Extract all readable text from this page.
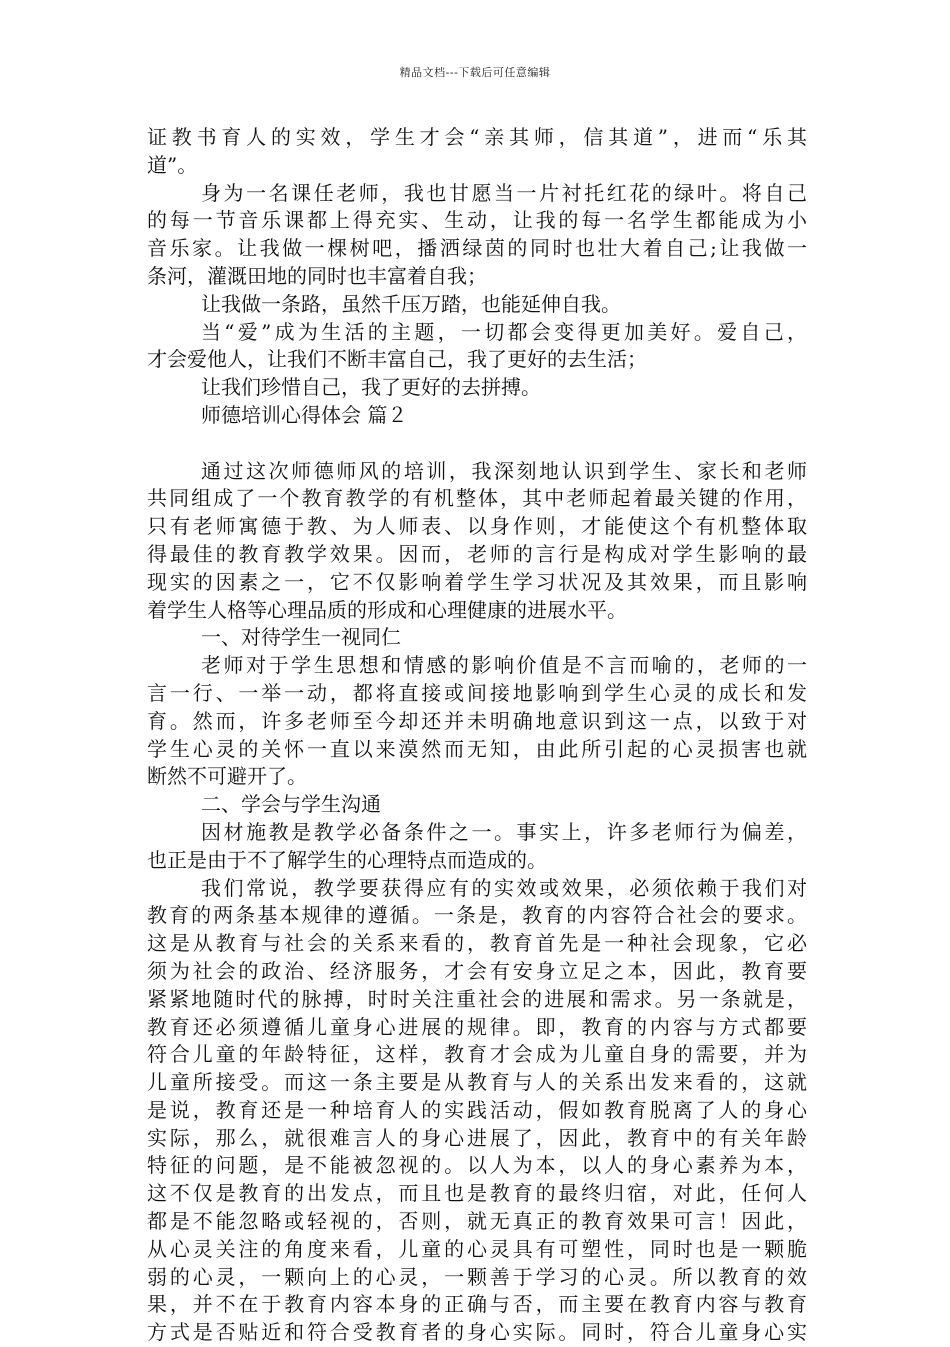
精品文档---下载后可任意编辑
证教书育人的实效，学生才会“亲其师，信其道”，进而“乐其
道”。
身为一名课任老师，我也甘愿当一片衬托红花的绿叶。将自己
的每一节音乐课都上得充实、生动，让我的每一名学生都能成为小
音乐家。让我做一棵树吧，播洒绿茵的同时也壮大着自己;让我做一
条河，灌溉田地的同时也丰富着自我；
让我做一条路，虽然千压万踏，也能延伸自我。
当“爱”成为生活的主题，一切都会变得更加美好。爱自己，
才会爱他人，让我们不断丰富自己，我了更好的去生活；
让我们珍惜自己，我了更好的去拼搏。
师德培训心得体会 篇２
通过这次师德师风的培训，我深刻地认识到学生、家长和老师
共同组成了一个教育教学的有机整体，其中老师起着最关键的作用，
只有老师寓德于教、为人师表、以身作则，才能使这个有机整体取
得最佳的教育教学效果。因而，老师的言行是构成对学生影响的最
现实的因素之一，它不仅影响着学生学习状况及其效果，而且影响
着学生人格等心理品质的形成和心理健康的进展水平。
一、对待学生一视同仁
老师对于学生思想和情感的影响价值是不言而喻的，老师的一
言一行、一举一动，都将直接或间接地影响到学生心灵的成长和发
育。然而，许多老师至今却还并未明确地意识到这一点，以致于对
学生心灵的关怀一直以来漠然而无知，由此所引起的心灵损害也就
断然不可避开了。
二、学会与学生沟通
因材施教是教学必备条件之一。事实上，许多老师行为偏差，
也正是由于不了解学生的心理特点而造成的。
我们常说，教学要获得应有的实效或效果，必须依赖于我们对
教育的两条基本规律的遵循。一条是，教育的内容符合社会的要求。
这是从教育与社会的关系来看的，教育首先是一种社会现象，它必
须为社会的政治、经济服务，才会有安身立足之本，因此，教育要
紧紧地随时代的脉搏，时时关注重社会的进展和需求。另一条就是，
教育还必须遵循儿童身心进展的规律。即，教育的内容与方式都要
符合儿童的年龄特征，这样，教育才会成为儿童自身的需要，并为
儿童所接受。而这一条主要是从教育与人的关系出发来看的，这就
是说，教育还是一种培育人的实践活动，假如教育脱离了人的身心
实际，那么，就很难言人的身心进展了，因此，教育中的有关年龄
特征的问题，是不能被忽视的。以人为本，以人的身心素养为本，
这不仅是教育的出发点，而且也是教育的最终归宿，对此，任何人
都是不能忽略或轻视的，否则，就无真正的教育效果可言！因此，
从心灵关注的角度来看，儿童的心灵具有可塑性，同时也是一颗脆
弱的心灵，一颗向上的心灵，一颗善于学习的心灵。所以教育的效
果，并不在于教育内容本身的正确与否，而主要在教育内容与教育
方式是否贴近和符合受教育者的身心实际。同时，符合儿童身心实
